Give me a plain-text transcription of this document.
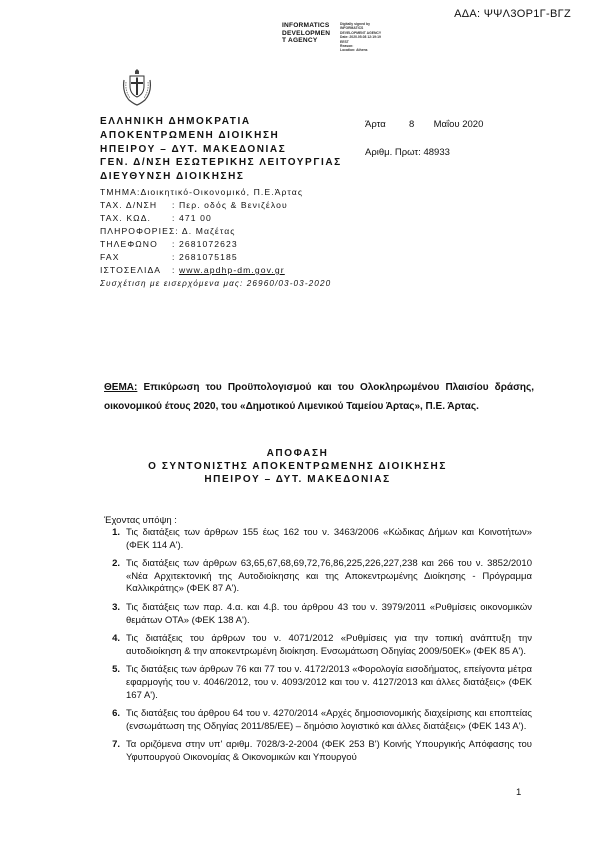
ΑΔΑ: ΨΨΛ3ΟΡ1Γ-ΒΓΖ
INFORMATICS
DEVELOPMEN
T AGENCY
Digitally signed by
INFORMATICS
DEVELOPMENT AGENCY
Date: 2020.05.08 12:19:19
EEST
Reason:
Location: Athens
ΕΛΛΗΝΙΚΗ ΔΗΜΟΚΡΑΤΙΑ
ΑΠΟΚΕΝΤΡΩΜΕΝΗ ΔΙΟΙΚΗΣΗ
ΗΠΕΙΡΟΥ – ΔΥΤ. ΜΑΚΕΔΟΝΙΑΣ
ΓΕΝ. Δ/ΝΣΗ ΕΣΩΤΕΡΙΚΗΣ ΛΕΙΤΟΥΡΓΙΑΣ
ΔΙΕΥΘΥΝΣΗ ΔΙΟΙΚΗΣΗΣ
ΤΜΗΜΑ:Διοικητικό-Οικονομικό, Π.Ε.Άρτας
ΤΑΧ. Δ/ΝΣΗ : Περ. οδός & Βενιζέλου
ΤΑΧ. ΚΩΔ. : 471 00
ΠΛΗΡΟΦΟΡΙΕΣ: Δ. Μαζέτας
ΤΗΛΕΦΩΝΟ : 2681072623
FAX	: 2681075185
ΙΣΤΟΣΕΛΙΔΑ : www.apdhp-dm.gov.gr
Συσχέτιση με εισερχόμενα μας: 26960/03-03-2020
Άρτα 8 Μαΐου 2020
Αριθμ. Πρωτ: 48933
ΘΕΜΑ: Επικύρωση του Προϋπολογισμού και του Ολοκληρωμένου Πλαισίου δράσης, οικονομικού έτους 2020, του «Δημοτικού Λιμενικού Ταμείου Άρτας», Π.Ε. Άρτας.
ΑΠΟΦΑΣΗ
Ο ΣΥΝΤΟΝΙΣΤΗΣ ΑΠΟΚΕΝΤΡΩΜΕΝΗΣ ΔΙΟΙΚΗΣΗΣ
ΗΠΕΙΡΟΥ – ΔΥΤ. ΜΑΚΕΔΟΝΙΑΣ
Έχοντας υπόψη :
1. Τις διατάξεις των άρθρων 155 έως 162 του ν. 3463/2006 «Κώδικας Δήμων και Κοινοτήτων» (ΦΕΚ 114 Α').
2. Τις διατάξεις των άρθρων 63,65,67,68,69,72,76,86,225,226,227,238 και 266 του ν. 3852/2010 «Νέα Αρχιτεκτονική της Αυτοδιοίκησης και της Αποκεντρωμένης Διοίκησης - Πρόγραμμα Καλλικράτης» (ΦΕΚ 87 Α').
3. Τις διατάξεις των παρ. 4.α. και 4.β. του άρθρου 43 του ν. 3979/2011 «Ρυθμίσεις οικονομικών θεμάτων ΟΤΑ» (ΦΕΚ 138 Α').
4. Τις διατάξεις του άρθρων του ν. 4071/2012 «Ρυθμίσεις για την τοπική ανάπτυξη την αυτοδιοίκηση & την αποκεντρωμένη διοίκηση. Ενσωμάτωση Οδηγίας 2009/50ΕΚ» (ΦΕΚ 85 Α').
5. Τις διατάξεις των άρθρων 76 και 77 του ν. 4172/2013 «Φορολογία εισοδήματος, επείγοντα μέτρα εφαρμογής του ν. 4046/2012, του ν. 4093/2012 και του ν. 4127/2013 και άλλες διατάξεις» (ΦΕΚ 167 Α').
6. Τις διατάξεις του άρθρου 64 του ν. 4270/2014 «Αρχές δημοσιονομικής διαχείρισης και εποπτείας (ενσωμάτωση της Οδηγίας 2011/85/ΕΕ) – δημόσιο λογιστικό και άλλες διατάξεις» (ΦΕΚ 143 Α').
7. Τα οριζόμενα στην υπ' αριθμ. 7028/3-2-2004 (ΦΕΚ 253 Β') Κοινής Υπουργικής Απόφασης του Υφυπουργού Οικονομίας & Οικονομικών και Υπουργού
1
